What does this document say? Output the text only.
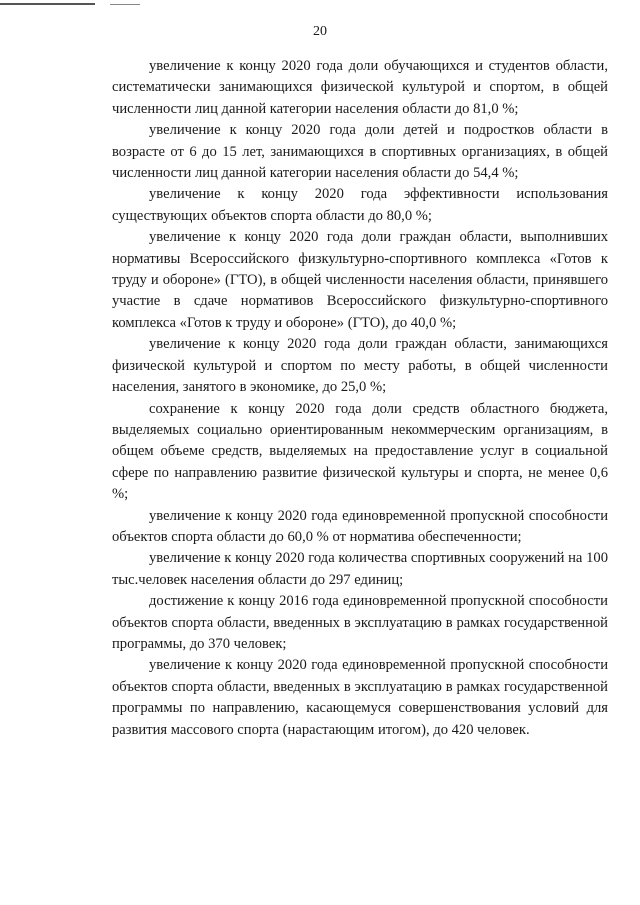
20

увеличение к концу 2020 года доли обучающихся и студентов области, систематически занимающихся физической культурой и спортом, в общей численности лиц данной категории населения области до 81,0 %;

увеличение к концу 2020 года доли детей и подростков области в возрасте от 6 до 15 лет, занимающихся в спортивных организациях, в общей численности лиц данной категории населения области до 54,4 %;

увеличение к концу 2020 года эффективности использования существующих объектов спорта области до 80,0 %;

увеличение к концу 2020 года доли граждан области, выполнивших нормативы Всероссийского физкультурно-спортивного комплекса «Готов к труду и обороне» (ГТО), в общей численности населения области, принявшего участие в сдаче нормативов Всероссийского физкультурно-спортивного комплекса «Готов к труду и обороне» (ГТО), до 40,0 %;

увеличение к концу 2020 года доли граждан области, занимающихся физической культурой и спортом по месту работы, в общей численности населения, занятого в экономике, до 25,0 %;

сохранение к концу 2020 года доли средств областного бюджета, выделяемых социально ориентированным некоммерческим организациям, в общем объеме средств, выделяемых на предоставление услуг в социальной сфере по направлению развитие физической культуры и спорта, не менее 0,6 %;

увеличение к концу 2020 года единовременной пропускной способности объектов спорта области до 60,0 % от норматива обеспеченности;

увеличение к концу 2020 года количества спортивных сооружений на 100 тыс.человек населения области до 297 единиц;

достижение к концу 2016 года единовременной пропускной способности объектов спорта области, введенных в эксплуатацию в рамках государственной программы, до 370 человек;

увеличение к концу 2020 года единовременной пропускной способности объектов спорта области, введенных в эксплуатацию в рамках государственной программы по направлению, касающемуся совершенствования условий для развития массового спорта (нарастающим итогом), до 420 человек.
